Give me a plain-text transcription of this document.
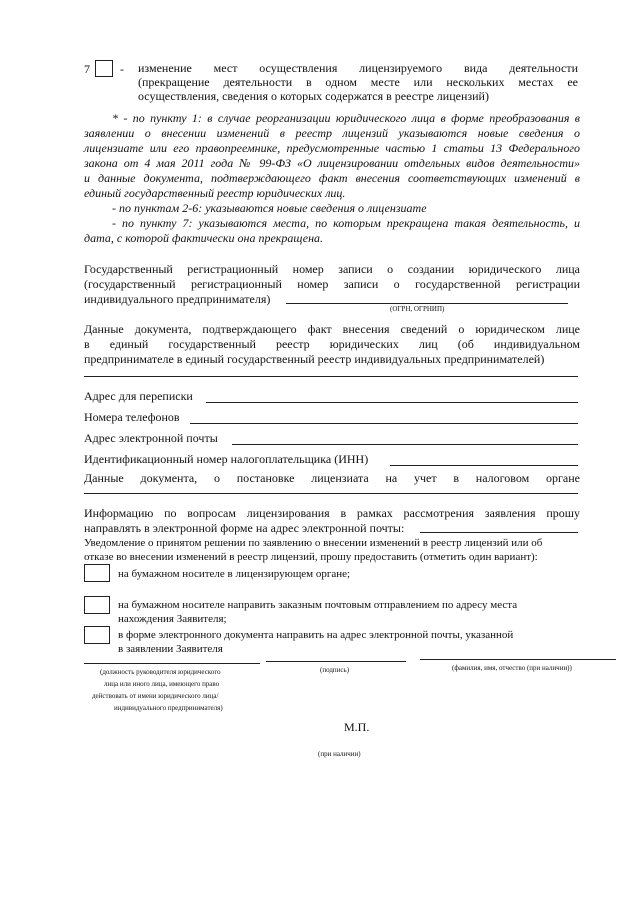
7	- изменение мест осуществления лицензируемого вида деятельности
(прекращение деятельности в одном месте или нескольких местах ее
осуществления, сведения о которых содержатся в реестре лицензий)
* - по пункту 1: в случае реорганизации юридического лица в форме преобразования в
заявлении о внесении изменений в реестр лицензий указываются новые сведения о
лицензиате или его правопреемнике, предусмотренные частью 1 статьи 13 Федерального
закона от 4 мая 2011 года № 99-ФЗ «О лицензировании отдельных видов деятельности»
и данные документа, подтверждающего факт внесения соответствующих изменений в
единый государственный реестр юридических лиц.
- по пунктам 2-6: указываются новые сведения о лицензиате
- по пункту 7: указываются места, по которым прекращена такая деятельность, и
дата, с которой фактически она прекращена.
Государственный регистрационный номер записи о создании юридического лица
(государственный регистрационный номер записи о государственной регистрации
индивидуального предпринимателя)
(ОГРН, ОГРНИП)
Данные документа, подтверждающего факт внесения сведений о юридическом лице
в единый государственный реестр юридических лиц (об индивидуальном
предпринимателе в единый государственный реестр индивидуальных предпринимателей)
Адрес для переписки
Номера телефонов
Адрес электронной почты
Идентификационный номер налогоплательщика (ИНН)
Данные документа, о постановке лицензиата на учет в налоговом органе
Информацию по вопросам лицензирования в рамках рассмотрения заявления прошу
направлять в электронной форме на адрес электронной почты:
Уведомление о принятом решении по заявлению о внесении изменений в реестр лицензий или об
отказе во внесении изменений в реестр лицензий, прошу предоставить (отметить один вариант):
на бумажном носителе в лицензирующем органе;
на бумажном носителе направить заказным почтовым отправлением по адресу места
нахождения Заявителя;
в форме электронного документа направить на адрес электронной почты, указанной
в заявлении Заявителя
(должность руководителя юридического
лица или иного лица, имеющего право
действовать от имени юридического лица/
индивидуального предпринимателя)
(подпись)	(фамилия, имя, отчество (при наличии))
М.П.
(при наличии)
